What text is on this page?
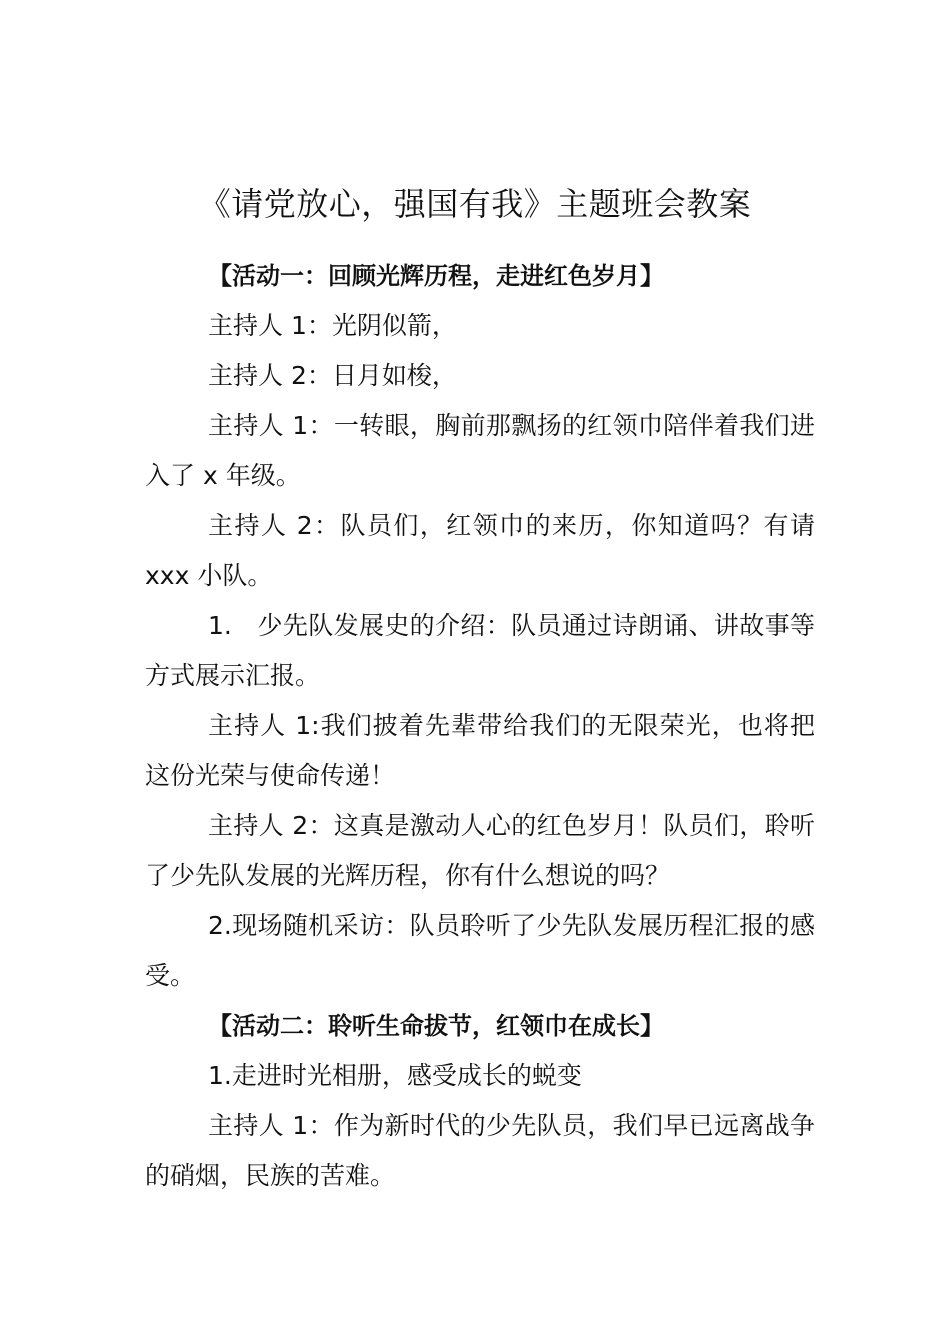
《请党放心，强国有我》主题班会教案

【活动一：回顾光辉历程，走进红色岁月】

主持人 1：光阴似箭，

主持人 2：日月如梭，

主持人 1：一转眼，胸前那飘扬的红领巾陪伴着我们进入了 x 年级。

主持人 2：队员们，红领巾的来历，你知道吗？有请 xxx 小队。

1.　少先队发展史的介绍：队员通过诗朗诵、讲故事等方式展示汇报。

主持人 1:我们披着先辈带给我们的无限荣光，也将把这份光荣与使命传递！

主持人 2：这真是激动人心的红色岁月！队员们，聆听了少先队发展的光辉历程，你有什么想说的吗？

2.现场随机采访：队员聆听了少先队发展历程汇报的感受。

【活动二：聆听生命拔节，红领巾在成长】

1.走进时光相册，感受成长的蜕变

主持人 1：作为新时代的少先队员，我们早已远离战争的硝烟，民族的苦难。
